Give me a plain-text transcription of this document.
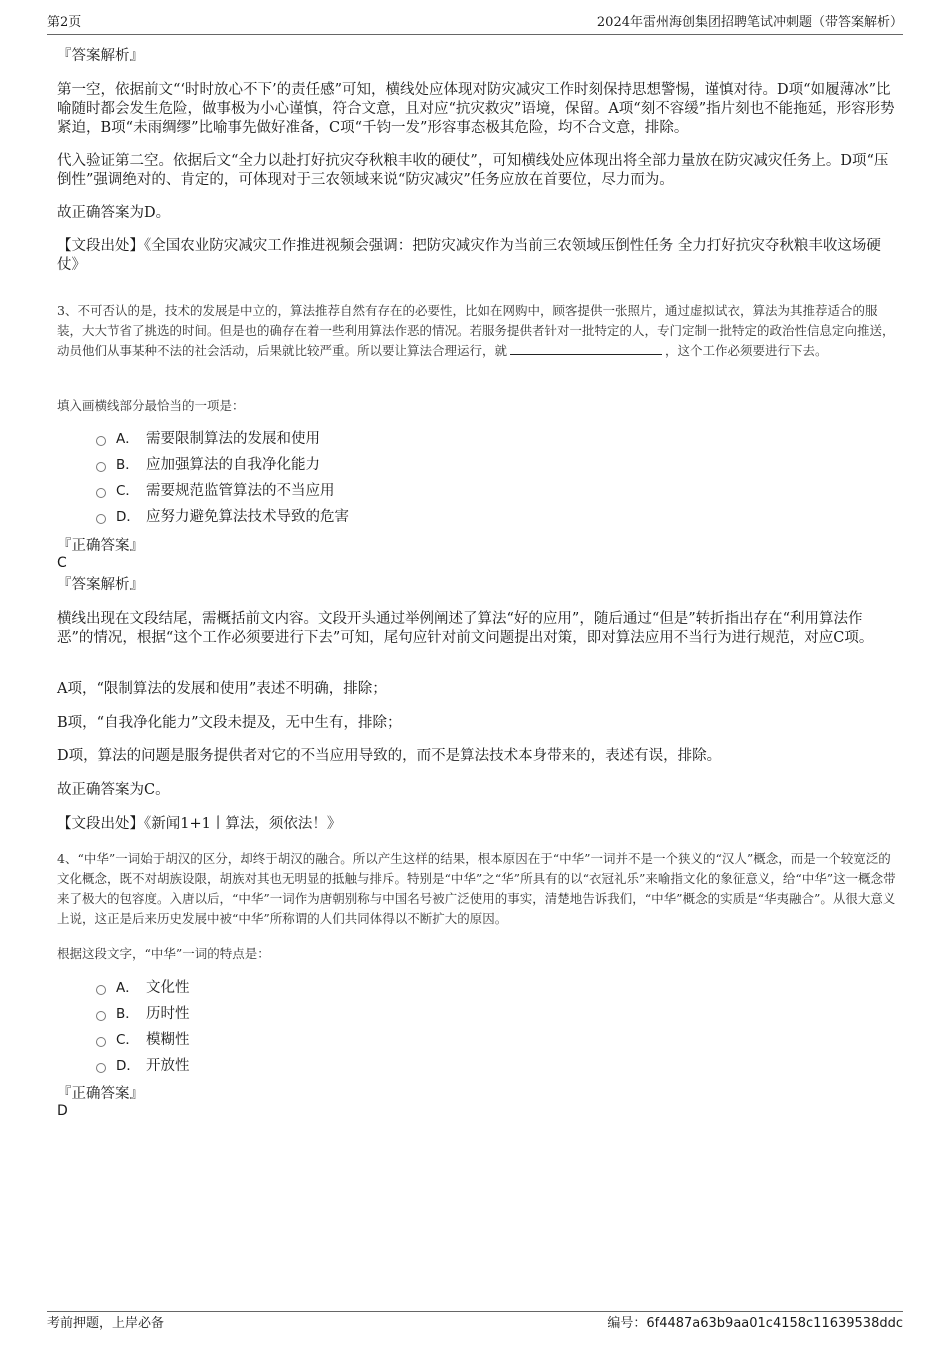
第2页	2024年雷州海创集团招聘笔试冲刺题（带答案解析）
『答案解析』
第一空，依据前文“‘时时放心不下’的责任感”可知，横线处应体现对防灾减灾工作时刻保持思想警惕，谨慎对待。D项“如履薄冰”比喻随时都会发生危险，做事极为小心谨慎，符合文意，且对应“抗灾救灾”语境，保留。A项“刻不容缓”指片刻也不能拖延，形容形势紧迫，B项“未雨绸缪”比喻事先做好准备，C项“千钧一发”形容事态极其危险，均不合文意，排除。
代入验证第二空。依据后文“全力以赴打好抗灾夺秋粮丰收的硬仗”，可知横线处应体现出将全部力量放在防灾减灾任务上。D项“压倒性”强调绝对的、肯定的，可体现对于三农领域来说“防灾减灾”任务应放在首要位，尽力而为。
故正确答案为D。
【文段出处】《全国农业防灾减灾工作推进视频会强调：把防灾减灾作为当前三农领域压倒性任务 全力打好抗灾夺秋粮丰收这场硬仗》
3、不可否认的是，技术的发展是中立的，算法推荐自然有存在的必要性，比如在网购中，顾客提供一张照片，通过虚拟试衣，算法为其推荐适合的服装，大大节省了挑选的时间。但是也的确存在着一些利用算法作恶的情况。若服务提供者针对一批特定的人，专门定制一批特定的政治性信息定向推送，动员他们从事某种不法的社会活动，后果就比较严重。所以要让算法合理运行，就	，这个工作必须要进行下去。
填入画横线部分最恰当的一项是：
A． 需要限制算法的发展和使用
B． 应加强算法的自我净化能力
C． 需要规范监管算法的不当应用
D． 应努力避免算法技术导致的危害
『正确答案』
C
『答案解析』
横线出现在文段结尾，需概括前文内容。文段开头通过举例阐述了算法“好的应用”，随后通过“但是”转折指出存在“利用算法作恶”的情况，根据“这个工作必须要进行下去”可知，尾句应针对前文问题提出对策，即对算法应用不当行为进行规范，对应C项。
A项，“限制算法的发展和使用”表述不明确，排除；
B项，“自我净化能力”文段未提及，无中生有，排除；
D项，算法的问题是服务提供者对它的不当应用导致的，而不是算法技术本身带来的，表述有误，排除。
故正确答案为C。
【文段出处】《新闻1+1丨算法，须依法！》
4、“中华”一词始于胡汉的区分，却终于胡汉的融合。所以产生这样的结果，根本原因在于“中华”一词并不是一个狭义的“汉人”概念，而是一个较宽泛的文化概念，既不对胡族设限，胡族对其也无明显的抵触与排斥。特别是“中华”之“华”所具有的以“衣冠礼乐”来喻指文化的象征意义，给“中华”这一概念带来了极大的包容度。入唐以后，“中华”一词作为唐朝别称与中国名号被广泛使用的事实，清楚地告诉我们，“中华”概念的实质是“华夷融合”。从很大意义上说，这正是后来历史发展中被“中华”所称谓的人们共同体得以不断扩大的原因。
根据这段文字，“中华”一词的特点是：
A． 文化性
B． 历时性
C． 模糊性
D． 开放性
『正确答案』
D
考前押题，上岸必备	编号：6f4487a63b9aa01c4158c11639538ddc
